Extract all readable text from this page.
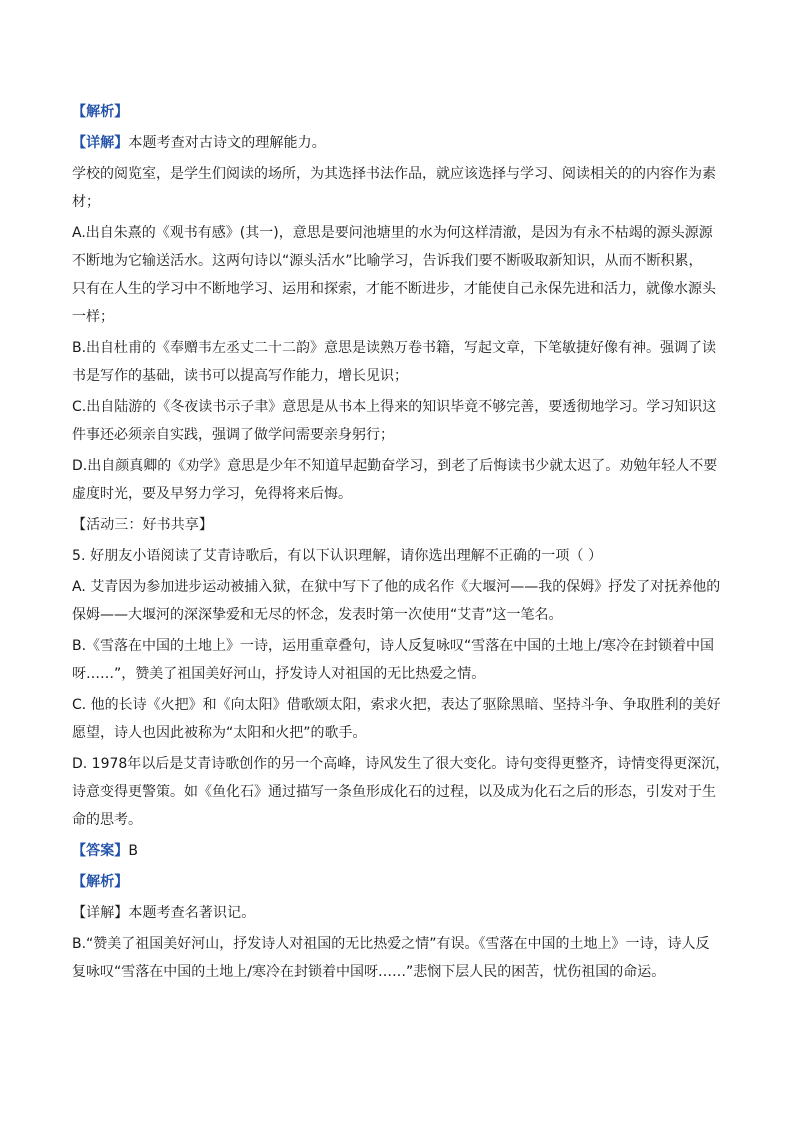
【解析】
【详解】本题考查对古诗文的理解能力。
学校的阅览室，是学生们阅读的场所，为其选择书法作品，就应该选择与学习、阅读相关的的内容作为素
材；
A.出自朱熹的《观书有感》(其一)，意思是要问池塘里的水为何这样清澈，是因为有永不枯竭的源头源源
不断地为它输送活水。这两句诗以“源头活水”比喻学习，告诉我们要不断吸取新知识，从而不断积累，
只有在人生的学习中不断地学习、运用和探索，才能不断进步，才能使自己永保先进和活力，就像水源头
一样；
B.出自杜甫的《奉赠韦左丞丈二十二韵》意思是读熟万卷书籍，写起文章，下笔敏捷好像有神。强调了读
书是写作的基础，读书可以提高写作能力，增长见识；
C.出自陆游的《冬夜读书示子聿》意思是从书本上得来的知识毕竟不够完善，要透彻地学习。学习知识这
件事还必须亲自实践，强调了做学问需要亲身躬行；
D.出自颜真卿的《劝学》意思是少年不知道早起勤奋学习，到老了后悔读书少就太迟了。劝勉年轻人不要
虚度时光，要及早努力学习，免得将来后悔。
【活动三：好书共享】
5. 好朋友小语阅读了艾青诗歌后，有以下认识理解，请你选出理解不正确的一项（ ）
A. 艾青因为参加进步运动被捕入狱，在狱中写下了他的成名作《大堰河——我的保姆》抒发了对抚养他的
保姆——大堰河的深深挚爱和无尽的怀念，发表时第一次使用“艾青”这一笔名。
B.《雪落在中国的土地上》一诗，运用重章叠句，诗人反复咏叹“雪落在中国的土地上/寒冷在封锁着中国
呀……”，赞美了祖国美好河山，抒发诗人对祖国的无比热爱之情。
C. 他的长诗《火把》和《向太阳》借歌颂太阳，索求火把，表达了驱除黑暗、坚持斗争、争取胜利的美好
愿望，诗人也因此被称为“太阳和火把”的歌手。
D. 1978年以后是艾青诗歌创作的另一个高峰，诗风发生了很大变化。诗句变得更整齐，诗情变得更深沉，
诗意变得更警策。如《鱼化石》通过描写一条鱼形成化石的过程，以及成为化石之后的形态，引发对于生
命的思考。
【答案】B
【解析】
【详解】本题考查名著识记。
B.“赞美了祖国美好河山，抒发诗人对祖国的无比热爱之情”有误。《雪落在中国的土地上》一诗，诗人反
复咏叹“雪落在中国的土地上/寒冷在封锁着中国呀……”悲悯下层人民的困苦，忧伤祖国的命运。
